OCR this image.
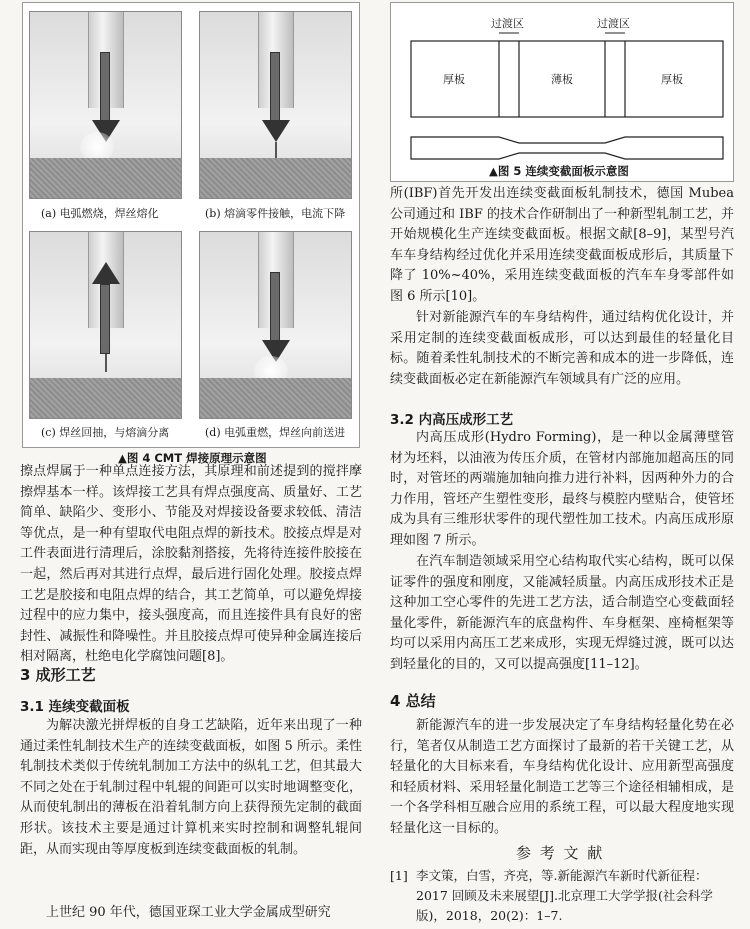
(a) 电弧燃烧，焊丝熔化	(b) 熔滴零件接触，电流下降
(c) 焊丝回抽，与熔滴分离	(d) 电弧重燃，焊丝向前送进
▲图 4 CMT 焊接原理示意图
过渡区	过渡区
厚板	薄板	厚板
▲图 5 连续变截面板示意图
擦点焊属于一种单点连接方法，其原理和前述提到的搅拌摩擦焊基本一样。该焊接工艺具有焊点强度高、质量好、工艺简单、缺陷少、变形小、节能及对焊接设备要求较低、清洁等优点，是一种有望取代电阻点焊的新技术。胶接点焊是对工件表面进行清理后，涂胶黏剂搭接，先将待连接件胶接在一起，然后再对其进行点焊，最后进行固化处理。胶接点焊工艺是胶接和电阻点焊的结合，其工艺简单，可以避免焊接过程中的应力集中，接头强度高，而且连接件具有良好的密封性、减振性和降噪性。并且胶接点焊可使异种金属连接后相对隔离，杜绝电化学腐蚀问题[8]。
3 成形工艺
3.1 连续变截面板
为解决激光拼焊板的自身工艺缺陷，近年来出现了一种通过柔性轧制技术生产的连续变截面板，如图 5 所示。柔性轧制技术类似于传统轧制加工方法中的纵轧工艺，但其最大不同之处在于轧制过程中轧辊的间距可以实时地调整变化，从而使轧制出的薄板在沿着轧制方向上获得预先定制的截面形状。该技术主要是通过计算机来实时控制和调整轧辊间距，从而实现由等厚度板到连续变截面板的轧制。
上世纪 90 年代，德国亚琛工业大学金属成型研究
所(IBF)首先开发出连续变截面板轧制技术，德国 Mubea 公司通过和 IBF 的技术合作研制出了一种新型轧制工艺，并开始规模化生产连续变截面板。根据文献[8–9]，某型号汽车车身结构经过优化并采用连续变截面板成形后，其质量下降了 10%~40%，采用连续变截面板的汽车车身零部件如图 6 所示[10]。
针对新能源汽车的车身结构件，通过结构优化设计，并采用定制的连续变截面板成形，可以达到最佳的轻量化目标。随着柔性轧制技术的不断完善和成本的进一步降低，连续变截面板必定在新能源汽车领域具有广泛的应用。
3.2 内高压成形工艺
内高压成形(Hydro Forming)，是一种以金属薄壁管材为坯料，以油液为传压介质，在管材内部施加超高压的同时，对管坯的两端施加轴向推力进行补料，因两种外力的合力作用，管坯产生塑性变形，最终与模腔内壁贴合，使管坯成为具有三维形状零件的现代塑性加工技术。内高压成形原理如图 7 所示。
在汽车制造领域采用空心结构取代实心结构，既可以保证零件的强度和刚度，又能减轻质量。内高压成形技术正是这种加工空心零件的先进工艺方法，适合制造空心变截面轻量化零件，新能源汽车的底盘构件、车身框架、座椅框架等均可以采用内高压工艺来成形，实现无焊缝过渡，既可以达到轻量化的目的，又可以提高强度[11–12]。
4 总结
新能源汽车的进一步发展决定了车身结构轻量化势在必行，笔者仅从制造工艺方面探讨了最新的若干关键工艺，从轻量化的大目标来看，车身结构优化设计、应用新型高强度和轻质材料、采用轻量化制造工艺等三个途径相辅相成，是一个各学科相互融合应用的系统工程，可以最大程度地实现轻量化这一目标的。
参 考 文 献
[1] 李文策，白雪，齐亮，等.新能源汽车新时代新征程：2017 回顾及未来展望[J].北京理工大学学报(社会科学版)，2018，20(2)：1–7.
